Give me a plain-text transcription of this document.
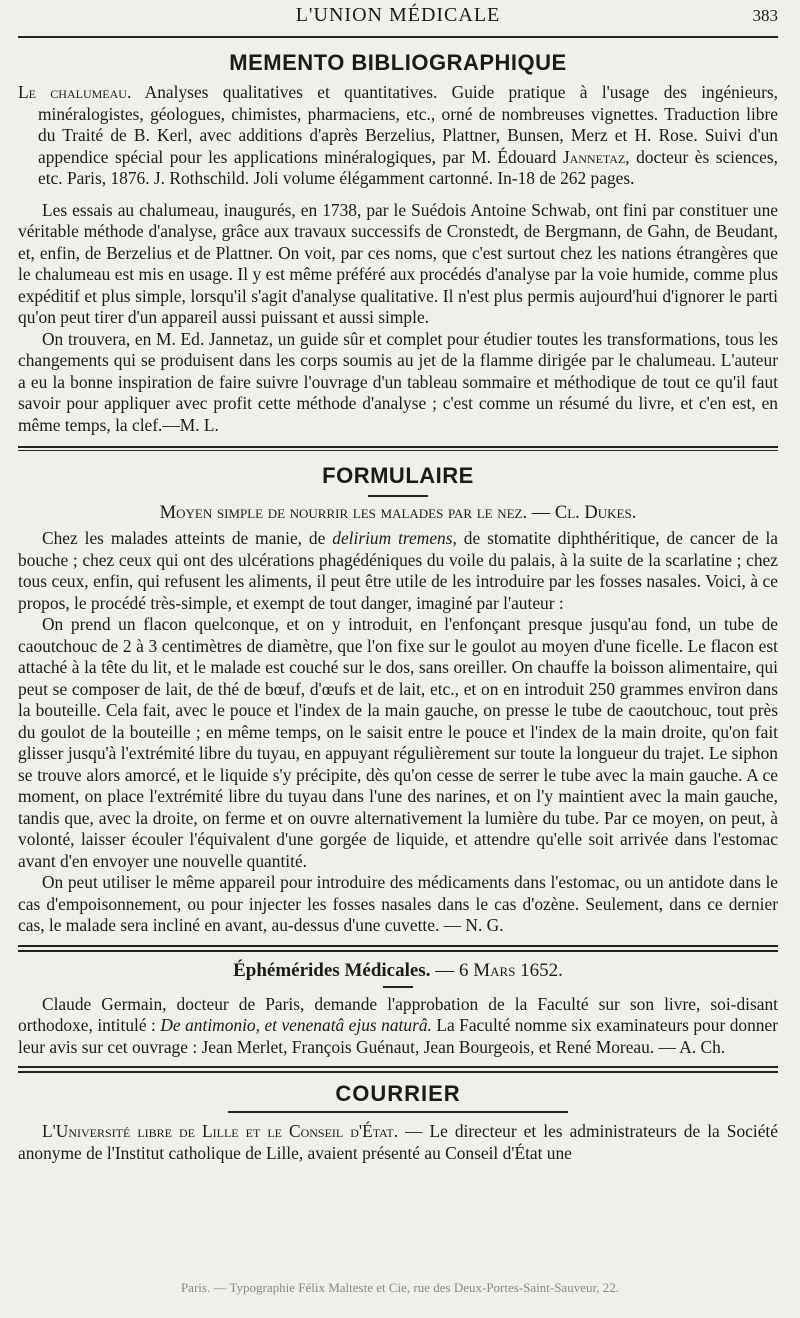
L'UNION MÉDICALE	383
MEMENTO BIBLIOGRAPHIQUE

Le chalumeau. Analyses qualitatives et quantitatives. Guide pratique à l'usage des ingénieurs, minéralogistes, géologues, chimistes, pharmaciens, etc., orné de nombreuses vignettes. Traduction libre du Traité de B. Kerl, avec additions d'après Berzelius, Plattner, Bunsen, Merz et H. Rose. Suivi d'un appendice spécial pour les applications minéralogiques, par M. Édouard Jannetaz, docteur ès sciences, etc. Paris, 1876. J. Rothschild. Joli volume élégamment cartonné. In-18 de 262 pages.

Les essais au chalumeau, inaugurés, en 1738, par le Suédois Antoine Schwab, ont fini par constituer une véritable méthode d'analyse, grâce aux travaux successifs de Cronstedt, de Bergmann, de Gahn, de Beudant, et, enfin, de Berzelius et de Plattner. On voit, par ces noms, que c'est surtout chez les nations étrangères que le chalumeau est mis en usage. Il y est même préféré aux procédés d'analyse par la voie humide, comme plus expéditif et plus simple, lorsqu'il s'agit d'analyse qualitative. Il n'est plus permis aujourd'hui d'ignorer le parti qu'on peut tirer d'un appareil aussi puissant et aussi simple.

On trouvera, en M. Ed. Jannetaz, un guide sûr et complet pour étudier toutes les transformations, tous les changements qui se produisent dans les corps soumis au jet de la flamme dirigée par le chalumeau. L'auteur a eu la bonne inspiration de faire suivre l'ouvrage d'un tableau sommaire et méthodique de tout ce qu'il faut savoir pour appliquer avec profit cette méthode d'analyse ; c'est comme un résumé du livre, et c'en est, en même temps, la clef.—M. L.

FORMULAIRE
Moyen simple de nourrir les malades par le nez. — Cl. Dukes.

Chez les malades atteints de manie, de delirium tremens, de stomatite diphthéritique, de cancer de la bouche ; chez ceux qui ont des ulcérations phagédéniques du voile du palais, à la suite de la scarlatine ; chez tous ceux, enfin, qui refusent les aliments, il peut être utile de les introduire par les fosses nasales. Voici, à ce propos, le procédé très-simple, et exempt de tout danger, imaginé par l'auteur :

On prend un flacon quelconque, et on y introduit, en l'enfonçant presque jusqu'au fond, un tube de caoutchouc de 2 à 3 centimètres de diamètre, que l'on fixe sur le goulot au moyen d'une ficelle. Le flacon est attaché à la tête du lit, et le malade est couché sur le dos, sans oreiller. On chauffe la boisson alimentaire, qui peut se composer de lait, de thé de bœuf, d'œufs et de lait, etc., et on en introduit 250 grammes environ dans la bouteille. Cela fait, avec le pouce et l'index de la main gauche, on presse le tube de caoutchouc, tout près du goulot de la bouteille ; en même temps, on le saisit entre le pouce et l'index de la main droite, qu'on fait glisser jusqu'à l'extrémité libre du tuyau, en appuyant régulièrement sur toute la longueur du trajet. Le siphon se trouve alors amorcé, et le liquide s'y précipite, dès qu'on cesse de serrer le tube avec la main gauche. A ce moment, on place l'extrémité libre du tuyau dans l'une des narines, et on l'y maintient avec la main gauche, tandis que, avec la droite, on ferme et on ouvre alternativement la lumière du tube. Par ce moyen, on peut, à volonté, laisser écouler l'équivalent d'une gorgée de liquide, et attendre qu'elle soit arrivée dans l'estomac avant d'en envoyer une nouvelle quantité.

On peut utiliser le même appareil pour introduire des médicaments dans l'estomac, ou un antidote dans le cas d'empoisonnement, ou pour injecter les fosses nasales dans le cas d'ozène. Seulement, dans ce dernier cas, le malade sera incliné en avant, au-dessus d'une cuvette. — N. G.

Éphémérides Médicales. — 6 Mars 1652.

Claude Germain, docteur de Paris, demande l'approbation de la Faculté sur son livre, soi-disant orthodoxe, intitulé : De antimonio, et venenatâ ejus naturâ. La Faculté nomme six examinateurs pour donner leur avis sur cet ouvrage : Jean Merlet, François Guénaut, Jean Bourgeois, et René Moreau. — A. Ch.

COURRIER

L'Université libre de Lille et le Conseil d'État. — Le directeur et les administrateurs de la Société anonyme de l'Institut catholique de Lille, avaient présenté au Conseil d'État une

Paris. — Typographie Félix Malteste et Cie, rue des Deux-Portes-Saint-Sauveur, 22.
